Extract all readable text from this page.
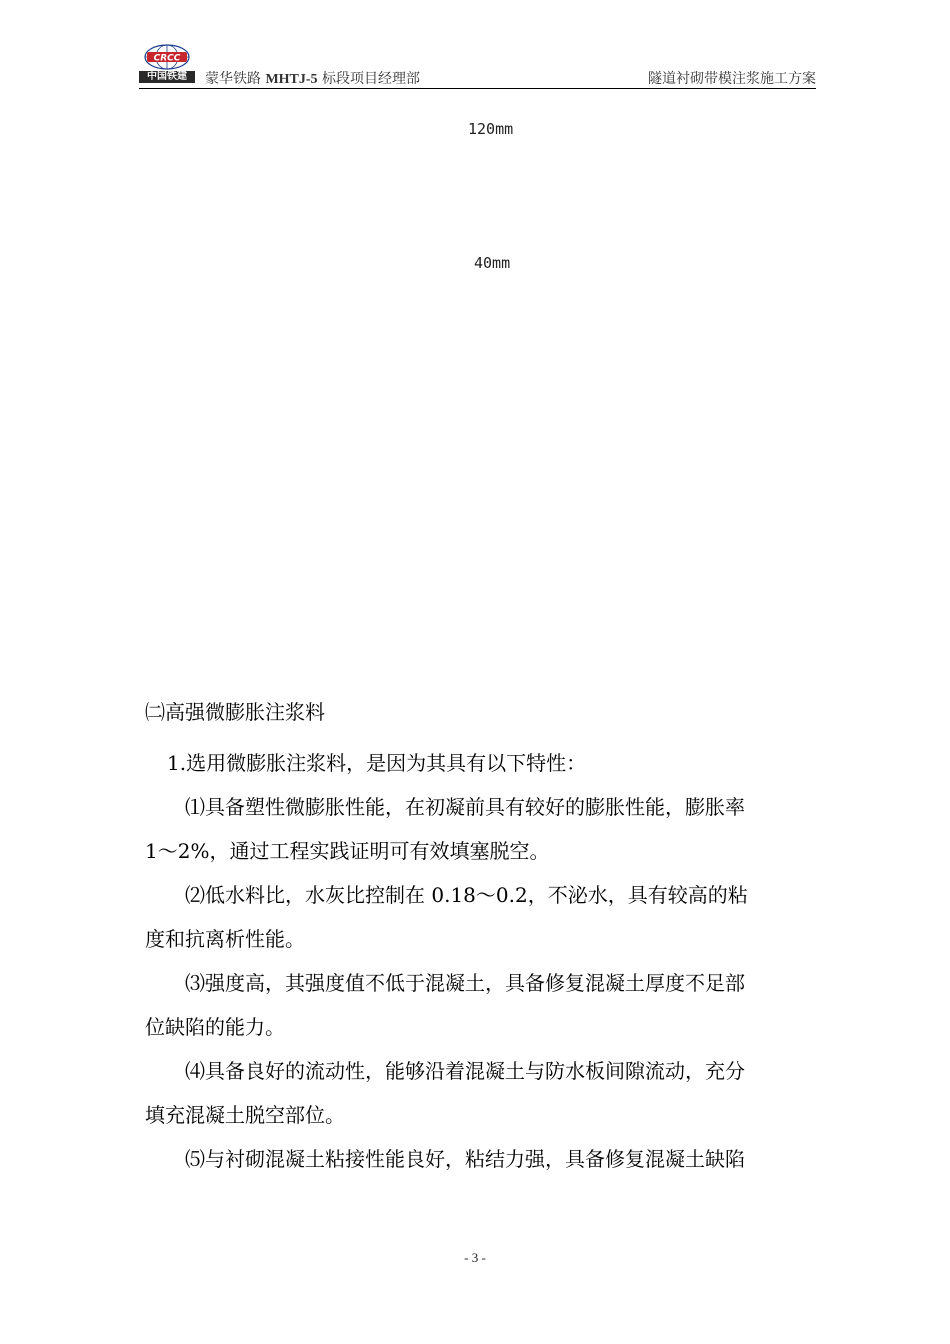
CRCC
中国铁建	蒙华铁路 MHTJ-5 标段项目经理部	隧道衬砌带模注浆施工方案
120mm
40mm

㈡高强微膨胀注浆料

1.选用微膨胀注浆料，是因为其具有以下特性：

⑴具备塑性微膨胀性能，在初凝前具有较好的膨胀性能，膨胀率

1～2%，通过工程实践证明可有效填塞脱空。

⑵低水料比，水灰比控制在 0.18～0.2，不泌水，具有较高的粘

度和抗离析性能。

⑶强度高，其强度值不低于混凝土，具备修复混凝土厚度不足部

位缺陷的能力。

⑷具备良好的流动性，能够沿着混凝土与防水板间隙流动，充分

填充混凝土脱空部位。

⑸与衬砌混凝土粘接性能良好，粘结力强，具备修复混凝土缺陷

- 3 -
